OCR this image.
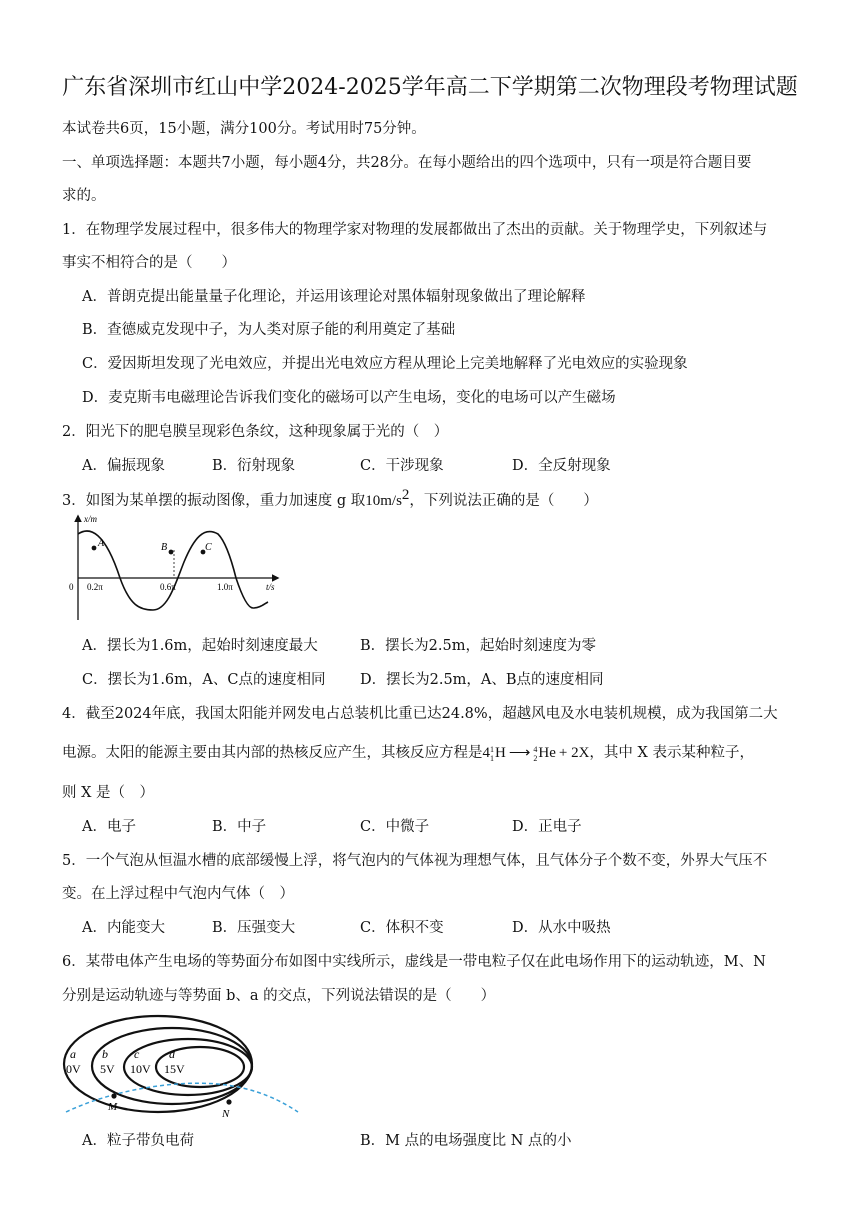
广东省深圳市红山中学2024-2025学年高二下学期第二次物理段考物理试题
本试卷共6页，15小题，满分100分。考试用时75分钟。
一、单项选择题：本题共7小题，每小题4分，共28分。在每小题给出的四个选项中，只有一项是符合题目要
求的。
1．在物理学发展过程中，很多伟大的物理学家对物理的发展都做出了杰出的贡献。关于物理学史，下列叙述与
事实不相符合的是（　　）
A．普朗克提出能量量子化理论，并运用该理论对黑体辐射现象做出了理论解释
B．查德威克发现中子，为人类对原子能的利用奠定了基础
C．爱因斯坦发现了光电效应，并提出光电效应方程从理论上完美地解释了光电效应的实验现象
D．麦克斯韦电磁理论告诉我们变化的磁场可以产生电场，变化的电场可以产生磁场
2．阳光下的肥皂膜呈现彩色条纹，这种现象属于光的（　）
A．偏振现象	B．衍射现象	C．干涉现象	D．全反射现象
3．如图为某单摆的振动图像，重力加速度 g 取$10m/s^2$，下列说法正确的是（　　）
A	B	C
x/m
t/s
0 0.2π	0.6π	1.0π
A．摆长为1.6m，起始时刻速度最大	B．摆长为2.5m，起始时刻速度为零
C．摆长为1.6m，A、C点的速度相同 D．摆长为2.5m，A、B点的速度相同
4．截至2024年底，我国太阳能并网发电占总装机比重已达24.8%，超越风电及水电装机规模，成为我国第二大
电源。太阳的能源主要由其内部的热核反应产生，其核反应方程是4 1
1 H ⟶ 4
2 He + 2X，其中 X 表示某种粒子，
则 X 是（　）
A．电子	B．中子	C．中微子	D．正电子
5．一个气泡从恒温水槽的底部缓慢上浮，将气泡内的气体视为理想气体，且气体分子个数不变，外界大气压不
变。在上浮过程中气泡内气体（　）
A．内能变大	B．压强变大	C．体积不变	D．从水中吸热
6．某带电体产生电场的等势面分布如图中实线所示，虚线是一带电粒子仅在此电场作用下的运动轨迹，M、N
分别是运动轨迹与等势面 b、a 的交点，下列说法错误的是（　　）
M
N
a
0V
b
5V
c
10V
d
15V
A．粒子带负电荷	B．M 点的电场强度比 N 点的小
